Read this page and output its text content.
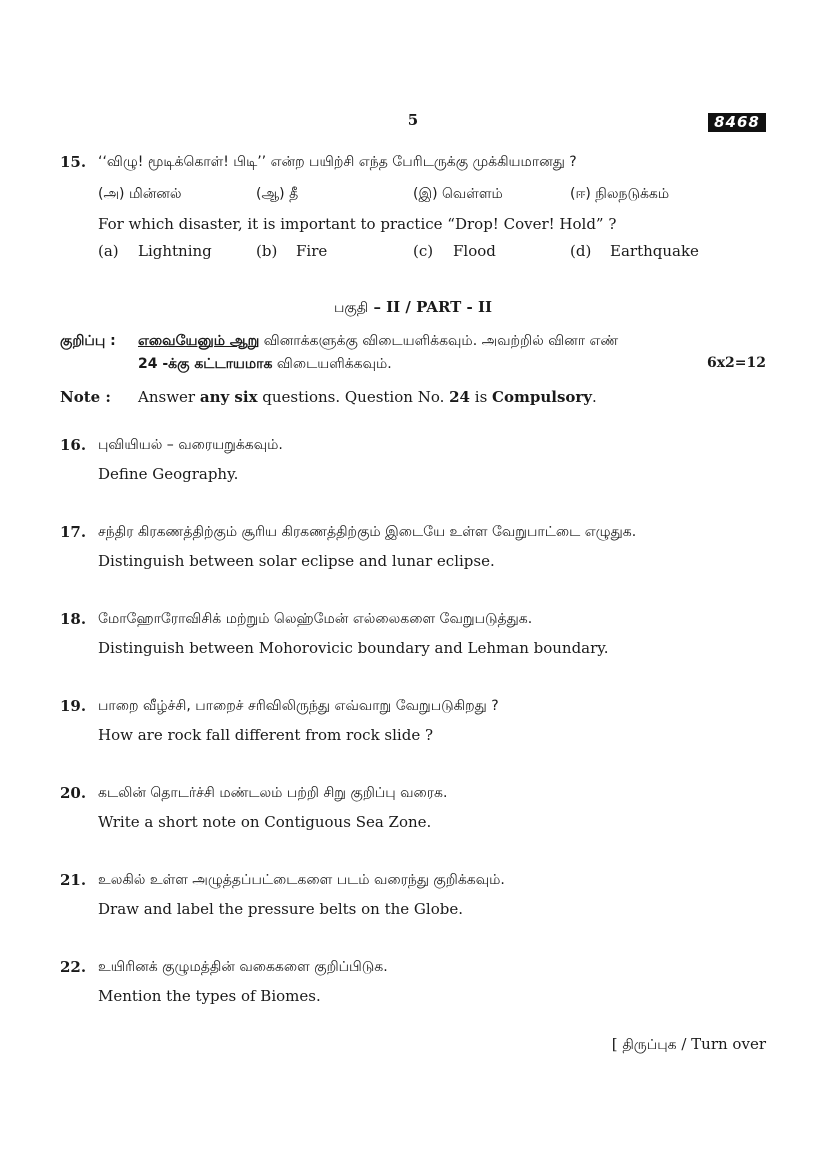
5	8468
15. ‘‘விழு! மூடிக்கொள்! பிடி’’ என்ற பயிற்சி எந்த பேரிடருக்கு முக்கியமானது ?
(அ) மின்னல்	(ஆ) தீ	(இ) வெள்ளம்	(ஈ) நிலநடுக்கம்
For which disaster, it is important to practice “Drop! Cover! Hold” ?
(a) Lightning	(b) Fire	(c) Flood	(d) Earthquake
பகுதி – II / PART - II
குறிப்பு : எவையேனும் ஆறு வினாக்களுக்கு விடையளிக்கவும். அவற்றில் வினா எண்
24 -க்கு கட்டாயமாக விடையளிக்கவும்.	6x2=12
Note : Answer any six questions. Question No. 24 is Compulsory.
16. புவியியல் – வரையறுக்கவும்.
Define Geography.
17. சந்திர கிரகணத்திற்கும் சூரிய கிரகணத்திற்கும் இடையே உள்ள வேறுபாட்டை எழுதுக.
Distinguish between solar eclipse and lunar eclipse.
18. மோஹோரோவிசிக் மற்றும் லெஹ்மேன் எல்லைகளை வேறுபடுத்துக.
Distinguish between Mohorovicic boundary and Lehman boundary.
19. பாறை வீழ்ச்சி, பாறைச் சரிவிலிருந்து எவ்வாறு வேறுபடுகிறது ?
How are rock fall different from rock slide ?
20. கடலின் தொடர்ச்சி மண்டலம் பற்றி சிறு குறிப்பு வரைக.
Write a short note on Contiguous Sea Zone.
21. உலகில் உள்ள அழுத்தப்பட்டைகளை படம் வரைந்து குறிக்கவும்.
Draw and label the pressure belts on the Globe.
22. உயிரினக் குழுமத்தின் வகைகளை குறிப்பிடுக.
Mention the types of Biomes.
[ திருப்புக / Turn over
